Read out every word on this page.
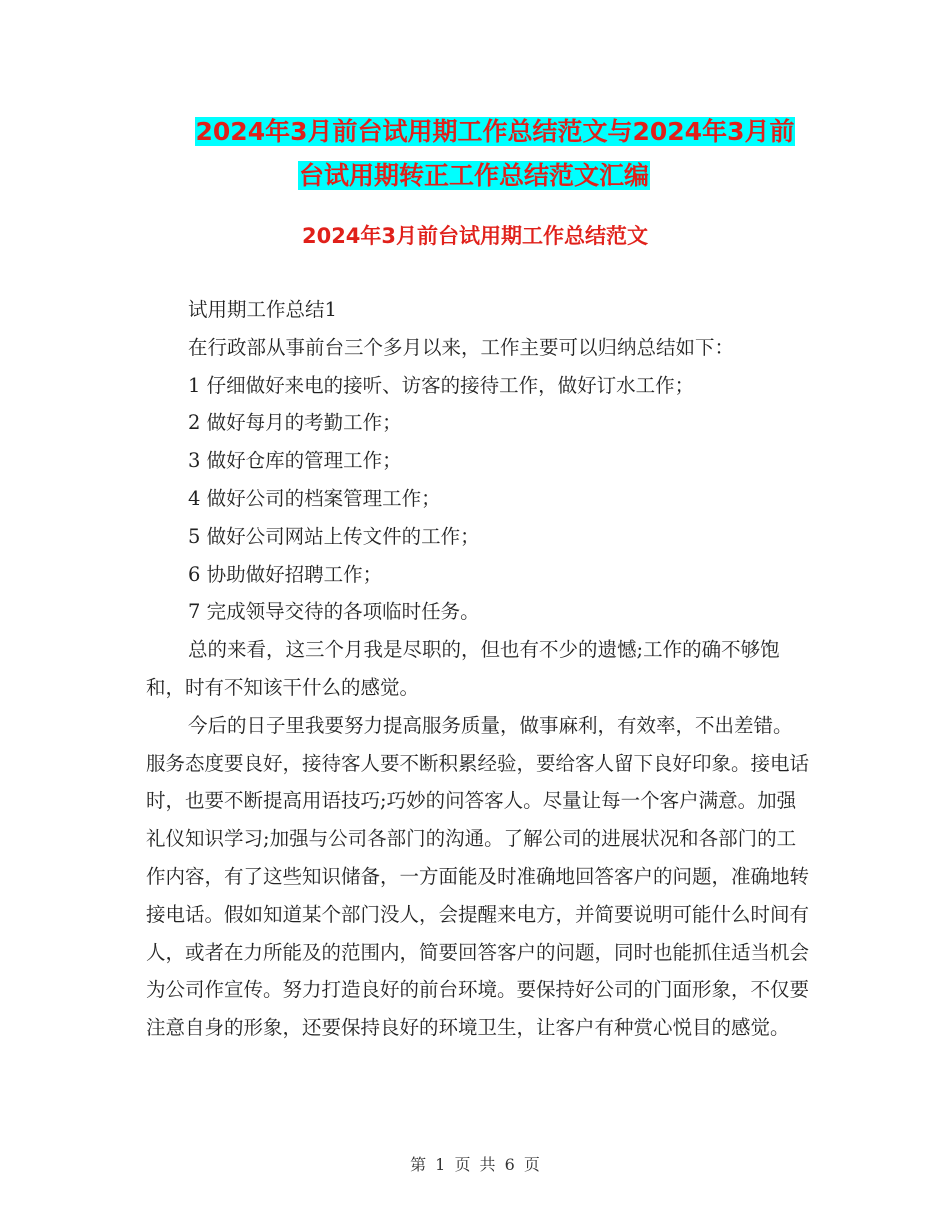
2024年3月前台试用期工作总结范文与2024年3月前
台试用期转正工作总结范文汇编
2024年3月前台试用期工作总结范文

试用期工作总结1

在行政部从事前台三个多月以来，工作主要可以归纳总结如下：

1 仔细做好来电的接听、访客的接待工作，做好订水工作；

2 做好每月的考勤工作；

3 做好仓库的管理工作；

4 做好公司的档案管理工作；

5 做好公司网站上传文件的工作；

6 协助做好招聘工作；

7 完成领导交待的各项临时任务。

总的来看，这三个月我是尽职的，但也有不少的遗憾;工作的确不够饱和，时有不知该干什么的感觉。

今后的日子里我要努力提高服务质量，做事麻利，有效率，不出差错。服务态度要良好，接待客人要不断积累经验，要给客人留下良好印象。接电话时，也要不断提高用语技巧;巧妙的问答客人。尽量让每一个客户满意。加强礼仪知识学习;加强与公司各部门的沟通。了解公司的进展状况和各部门的工作内容，有了这些知识储备，一方面能及时准确地回答客户的问题，准确地转接电话。假如知道某个部门没人，会提醒来电方，并简要说明可能什么时间有人，或者在力所能及的范围内，简要回答客户的问题，同时也能抓住适当机会为公司作宣传。努力打造良好的前台环境。要保持好公司的门面形象，不仅要注意自身的形象，还要保持良好的环境卫生，让客户有种赏心悦目的感觉。

第 1 页 共 6 页
